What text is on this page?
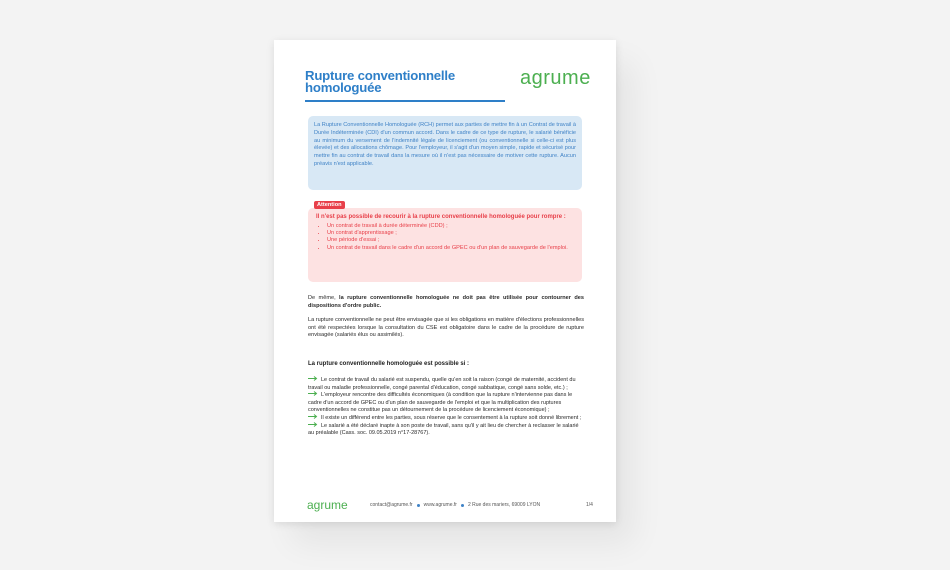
Rupture conventionnelle
homologuée	agrume
La Rupture Conventionnelle Homologuée (RCH) permet aux parties de mettre fin à un Contrat de travail à Durée Indéterminée (CDI) d'un commun accord. Dans le cadre de ce type de rupture, le salarié bénéficie au minimum du versement de l'indemnité légale de licenciement (ou conventionnelle si celle-ci est plus élevée) et des allocations chômage. Pour l'employeur, il s'agit d'un moyen simple, rapide et sécurisé pour mettre fin au contrat de travail dans la mesure où il n'est pas nécessaire de motiver cette rupture. Aucun préavis n'est applicable.
Il n'est pas possible de recourir à la rupture conventionnelle homologuée pour rompre :
• Un contrat de travail à durée déterminée (CDD) ;
• Un contrat d'apprentissage ;
• Une période d'essai ;
• Un contrat de travail dans le cadre d'un accord de GPEC ou d'un plan de sauvegarde de l'emploi.
Attention

De même, la rupture conventionnelle homologuée ne doit pas être utilisée pour contourner des dispositions d'ordre public.

La rupture conventionnelle ne peut être envisagée que si les obligations en matière d'élections professionnelles ont été respectées lorsque la consultation du CSE est obligatoire dans le cadre de la procédure de rupture envisagée (salariés élus ou assimilés).

La rupture conventionnelle homologuée est possible si :

Le contrat de travail du salarié est suspendu, quelle qu'en soit la raison (congé de maternité, accident du travail ou maladie professionnelle, congé parental d'éducation, congé sabbatique, congé sans solde, etc.) ;

L'employeur rencontre des difficultés économiques (à condition que la rupture n'intervienne pas dans le cadre d'un accord de GPEC ou d'un plan de sauvegarde de l'emploi et que la multiplication des ruptures conventionnelles ne constitue pas un détournement de la procédure de licenciement économique) ;

Il existe un différend entre les parties, sous réserve que le consentement à la rupture soit donné librement ;

Le salarié a été déclaré inapte à son poste de travail, sans qu'il y ait lieu de chercher à reclasser le salarié au préalable (Cass. soc. 09.05.2019 n°17-28767).

agrume	contact@agrume.fr www.agrume.fr 2 Rue des mariers, 69009 LYON	1/4
